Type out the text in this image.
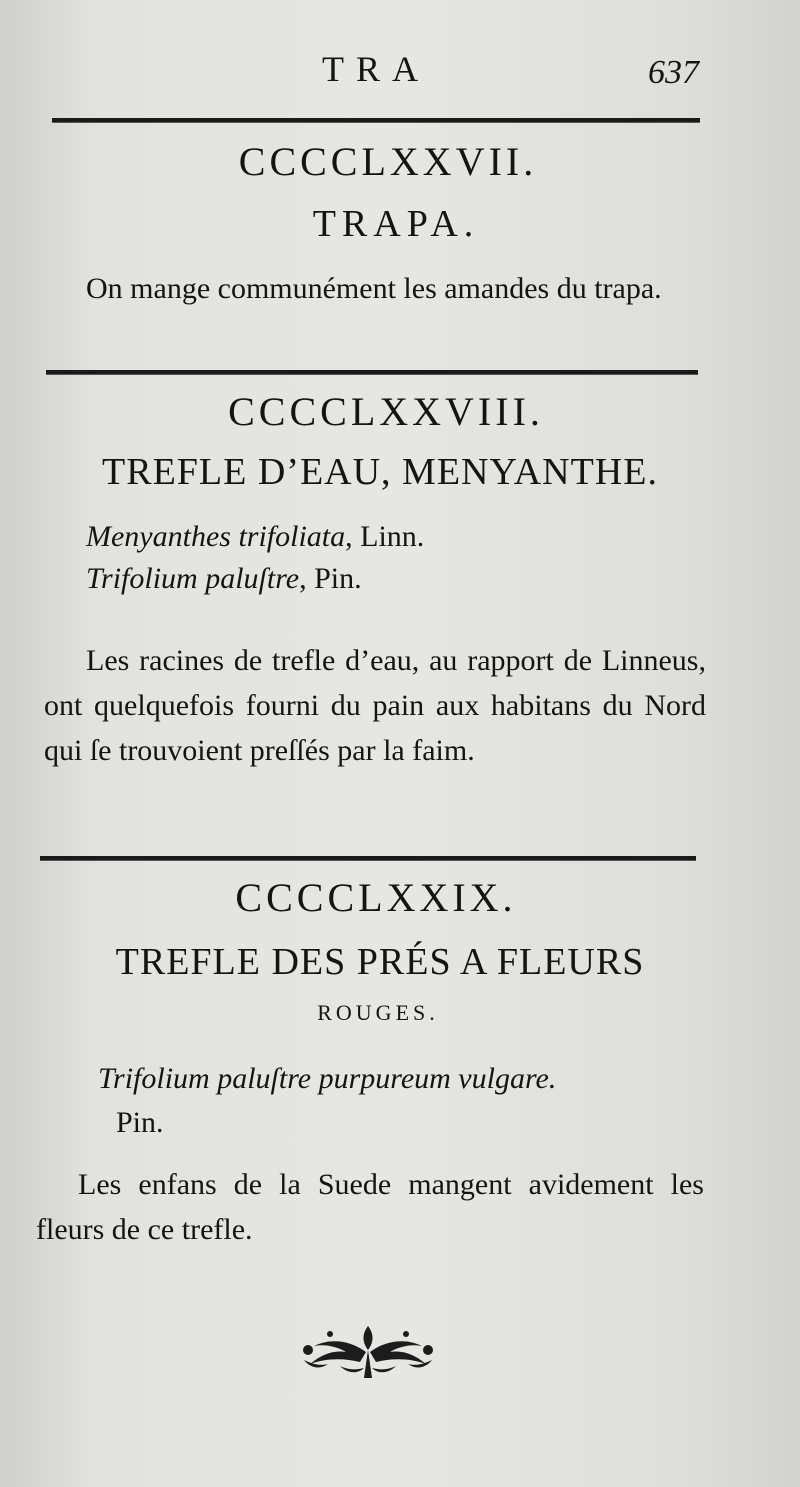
TRA	637
CCCCLXXVII.
TRAPA.
On mange communément les amandes du trapa.
CCCCLXXVIII.
TREFLE D’EAU, MENYANTHE.
Menyanthes trifoliata, Linn.
Trifolium paluſtre, Pin.
Les racines de trefle d’eau, au rapport de Linneus, ont quelquefois fourni du pain aux habitans du Nord qui ſe trouvoient preſſés par la faim.
CCCCLXXIX.
TREFLE DES PRÉS A FLEURS
ROUGES.
Trifolium paluſtre purpureum vulgare.
Pin.
Les enfans de la Suede mangent avidement les fleurs de ce trefle.
